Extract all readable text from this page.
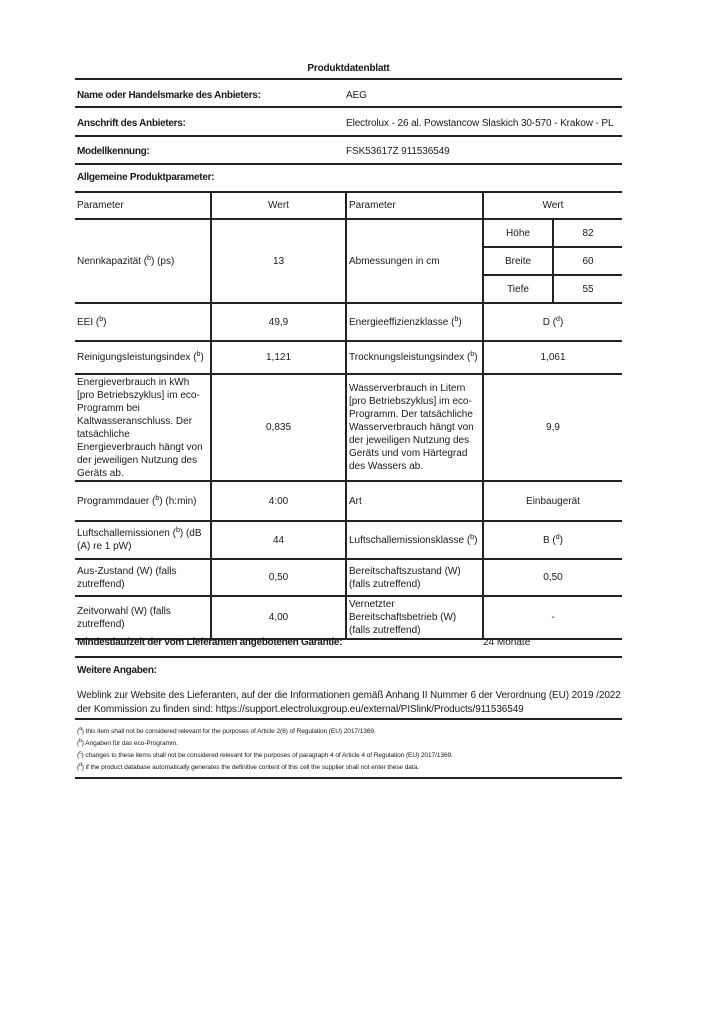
Produktdatenblatt
Name oder Handelsmarke des Anbieters:	AEG
Anschrift des Anbieters:	Electrolux - 26 al. Powstancow Slaskich 30-570 - Krakow - PL
Modellkennung:	FSK53617Z 911536549
Allgemeine Produktparameter:
Parameter	Wert	Parameter	Wert
Nennkapazität ($^b$) (ps)	13	Abmessungen in cm	
Höhe	82
Breite	60
Tiefe	55

EEI ($^b$)	49,9	Energieeffizienzklasse ($^b$)	D ($^d$)
Reinigungsleistungsindex ($^b$)	1,121	Trocknungsleistungsindex ($^b$)	1,061
Energieverbrauch in kWh [pro Betriebszyklus] im eco-Programm bei Kaltwasseranschluss. Der tatsächliche Energieverbrauch hängt von der jeweiligen Nutzung des Geräts ab.	0,835	Wasserverbrauch in Litern [pro Betriebszyklus] im eco-Programm. Der tatsächliche Wasserverbrauch hängt von der jeweiligen Nutzung des Geräts und vom Härtegrad des Wassers ab.	9,9
Programmdauer ($^b$) (h:min)	4:00	Art	Einbaugerät
Luftschallemissionen ($^b$) (dB (A) re 1 pW)	44	Luftschallemissionsklasse ($^b$)	B ($^d$)
Aus-Zustand (W) (falls zutreffend)	0,50	Bereitschaftszustand (W) (falls zutreffend)	0,50
Zeitvorwahl (W) (falls zutreffend)	4,00	Vernetzter Bereitschaftsbetrieb (W) (falls zutreffend)	-
Mindestlaufzeit der vom Lieferanten angebotenen Garantie:	24 Monate
Weitere Angaben:
Weblink zur Website des Lieferanten, auf der die Informationen gemäß Anhang II Nummer 6 der Verordnung (EU) 2019 /2022 der Kommission zu finden sind: https://support.electroluxgroup.eu/external/PISlink/Products/911536549
($^a$) this item shall not be considered relevant for the purposes of Article 2(6) of Regulation (EU) 2017/1369.
($^b$) Angaben für das eco-Programm.
($^c$) changes to these items shall not be considered relevant for the purposes of paragraph 4 of Article 4 of Regulation (EU) 2017/1369.
($^d$) if the product database automatically generates the definitive content of this cell the supplier shall not enter these data.
